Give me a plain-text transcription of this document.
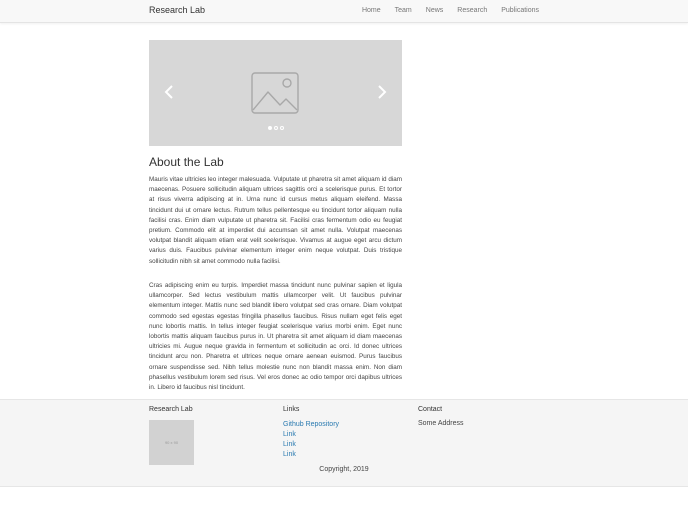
Research Lab	Home Team News Research Publications
About the Lab

Mauris vitae ultricies leo integer malesuada. Vulputate ut pharetra sit amet aliquam id diam maecenas. Posuere sollicitudin aliquam ultrices sagittis orci a scelerisque purus. Et tortor at risus viverra adipiscing at in. Urna nunc id cursus metus aliquam eleifend. Massa tincidunt dui ut ornare lectus. Rutrum tellus pellentesque eu tincidunt tortor aliquam nulla facilisi cras. Enim diam vulputate ut pharetra sit. Facilisi cras fermentum odio eu feugiat pretium. Commodo elit at imperdiet dui accumsan sit amet nulla. Volutpat maecenas volutpat blandit aliquam etiam erat velit scelerisque. Vivamus at augue eget arcu dictum varius duis. Faucibus pulvinar elementum integer enim neque volutpat. Duis tristique sollicitudin nibh sit amet commodo nulla facilisi.

Cras adipiscing enim eu turpis. Imperdiet massa tincidunt nunc pulvinar sapien et ligula ullamcorper. Sed lectus vestibulum mattis ullamcorper velit. Ut faucibus pulvinar elementum integer. Mattis nunc sed blandit libero volutpat sed cras ornare. Diam volutpat commodo sed egestas egestas fringilla phasellus faucibus. Risus nullam eget felis eget nunc lobortis mattis. In tellus integer feugiat scelerisque varius morbi enim. Eget nunc lobortis mattis aliquam faucibus purus in. Ut pharetra sit amet aliquam id diam maecenas ultricies mi. Augue neque gravida in fermentum et sollicitudin ac orci. Id donec ultrices tincidunt arcu non. Pharetra et ultrices neque ornare aenean euismod. Purus faucibus ornare suspendisse sed. Nibh tellus molestie nunc non blandit massa enim. Non diam phasellus vestibulum lorem sed risus. Vel eros donec ac odio tempor orci dapibus ultrices in. Libero id faucibus nisl tincidunt.

Research Lab
90 x 90
Links
Github Repository
Link
Link
Link
Contact
Some Address
Copyright, 2019
